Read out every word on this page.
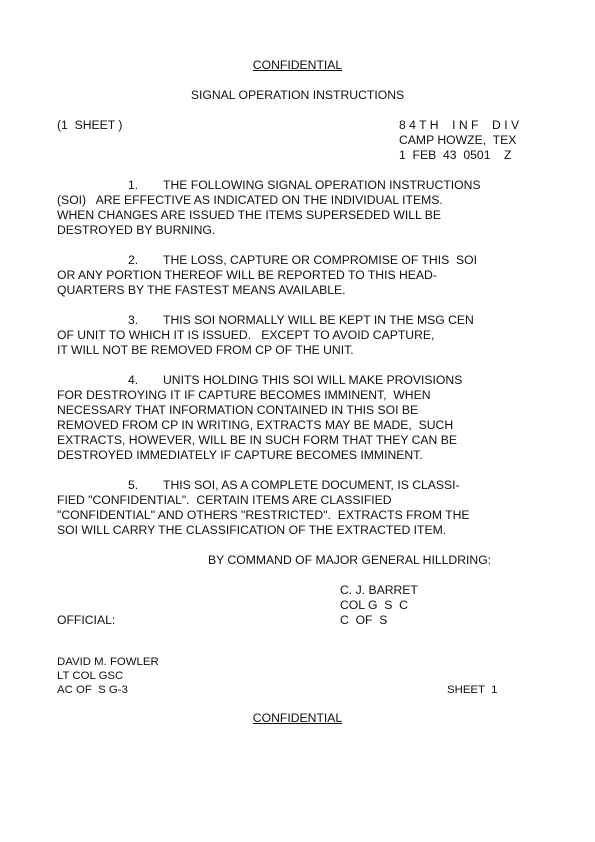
CONFIDENTIAL
SIGNAL OPERATION INSTRUCTIONS
(1  SHEET )	8 4 T H    I N F    D I V
CAMP HOWZE,  TEX
1  FEB  43  0501    Z
1. THE FOLLOWING SIGNAL OPERATION INSTRUCTIONS
(SOI)   ARE EFFECTIVE AS INDICATED ON THE INDIVIDUAL ITEMS.
WHEN CHANGES ARE ISSUED THE ITEMS SUPERSEDED WILL BE
DESTROYED BY BURNING.
2. THE LOSS, CAPTURE OR COMPROMISE OF THIS  SOI
OR ANY PORTION THEREOF WILL BE REPORTED TO THIS HEAD-
QUARTERS BY THE FASTEST MEANS AVAILABLE.
3. THIS SOI NORMALLY WILL BE KEPT IN THE MSG CEN
OF UNIT TO WHICH IT IS ISSUED.   EXCEPT TO AVOID CAPTURE,
IT WILL NOT BE REMOVED FROM CP OF THE UNIT.
4. UNITS HOLDING THIS SOI WILL MAKE PROVISIONS
FOR DESTROYING IT IF CAPTURE BECOMES IMMINENT,  WHEN
NECESSARY THAT INFORMATION CONTAINED IN THIS SOI BE
REMOVED FROM CP IN WRITING, EXTRACTS MAY BE MADE,  SUCH
EXTRACTS, HOWEVER, WILL BE IN SUCH FORM THAT THEY CAN BE
DESTROYED IMMEDIATELY IF CAPTURE BECOMES IMMINENT.
5. THIS SOI, AS A COMPLETE DOCUMENT, IS CLASSI-
FIED "CONFIDENTIAL".  CERTAIN ITEMS ARE CLASSIFIED
"CONFIDENTIAL" AND OTHERS "RESTRICTED".  EXTRACTS FROM THE
SOI WILL CARRY THE CLASSIFICATION OF THE EXTRACTED ITEM.
BY COMMAND OF MAJOR GENERAL HILLDRING:
C. J. BARRET
COL G  S  C
C  OF  S
OFFICIAL:
DAVID M. FOWLER
LT COL GSC
AC OF  S G-3	SHEET  1
CONFIDENTIAL
